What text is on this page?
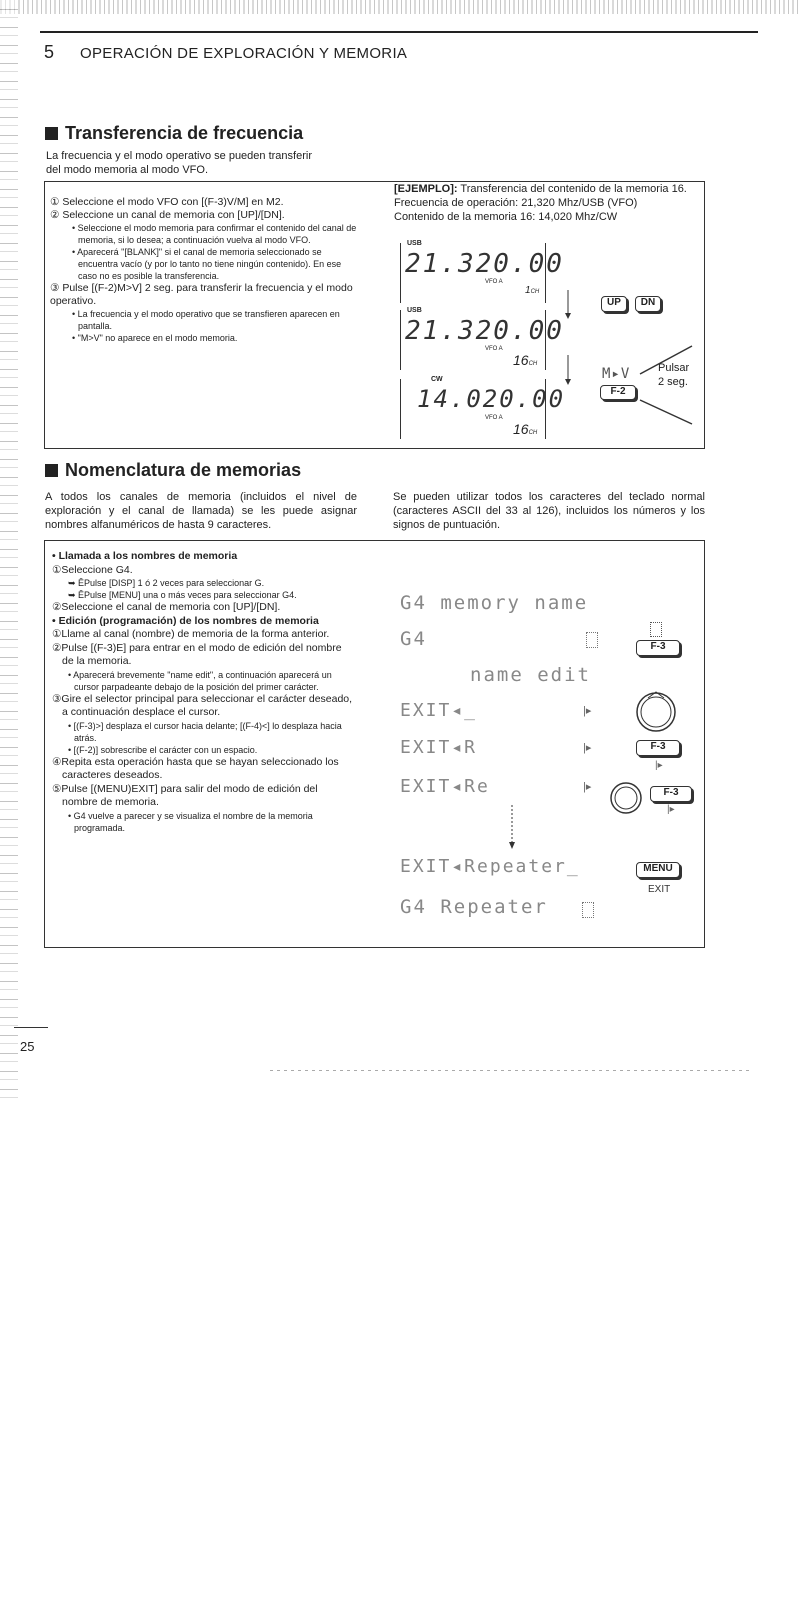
5 OPERACIÓN DE EXPLORACIÓN Y MEMORIA
Transferencia de frecuencia
La frecuencia y el modo operativo se pueden transferir
del modo memoria al modo VFO.
① Seleccione el modo VFO con [(F-3)V/M] en M2.
② Seleccione un canal de memoria con [UP]/[DN].
• Seleccione el modo memoria para confirmar el contenido del canal de memoria, si lo desea; a continuación vuelva al modo VFO.
• Aparecerá "[BLANK]" si el canal de memoria seleccionado se encuentra vacío (y por lo tanto no tiene ningún contenido). En ese caso no es posible la transferencia.
③ Pulse [(F-2)M>V] 2 seg. para transferir la frecuencia y el modo operativo.
• La frecuencia y el modo operativo que se transfieren aparecen en pantalla.
• "M>V" no aparece en el modo memoria.
[EJEMPLO]: Transferencia del contenido de la memoria 16.
Frecuencia de operación: 21,320 Mhz/USB (VFO)
Contenido de la memoria 16: 14,020 Mhz/CW
USB
21.320.00
VFO A
1CH
USB
21.320.00
VFO A
16CH
CW
14.020.00
VFO A
16CH
UP	DN
M▸V
F-2
Pulsar
2 seg.
Nomenclatura de memorias
A todos los canales de memoria (incluidos el nivel de exploración y el canal de llamada) se les puede asignar nombres alfanuméricos de hasta 9 caracteres.
Se pueden utilizar todos los caracteres del teclado normal (caracteres ASCII del 33 al 126), incluidos los números y los signos de puntuación.
• Llamada a los nombres de memoria
①Seleccione G4.
➥ ÊPulse [DISP] 1 ó 2 veces para seleccionar G.
➥ ÊPulse [MENU] una o más veces para seleccionar G4.
②Seleccione el canal de memoria con [UP]/[DN].
• Edición (programación) de los nombres de memoria
①Llame al canal (nombre) de memoria de la forma anterior.
②Pulse [(F-3)E] para entrar en el modo de edición del nombre de la memoria.
• Aparecerá brevemente "name edit", a continuación aparecerá un cursor parpadeante debajo de la posición del primer carácter.
③Gire el selector principal para seleccionar el carácter deseado, a continuación desplace el cursor.
• [(F-3)>] desplaza el cursor hacia delante; [(F-4)<] lo desplaza hacia atrás.
• [(F-2)] sobrescribe el carácter con un espacio.
④Repita esta operación hasta que se hayan seleccionado los caracteres deseados.
⑤Pulse [(MENU)EXIT] para salir del modo de edición del nombre de memoria.
• G4 vuelve a parecer y se visualiza el nombre de la memoria programada.
G4 memory name
G4	F-3
name edit
EXIT◂_	|▸
EXIT◂R	|▸	F-3
|▸
EXIT◂Re	|▸	F-3
|▸
EXIT◂Repeater_	MENU
EXIT
G4 Repeater
25
